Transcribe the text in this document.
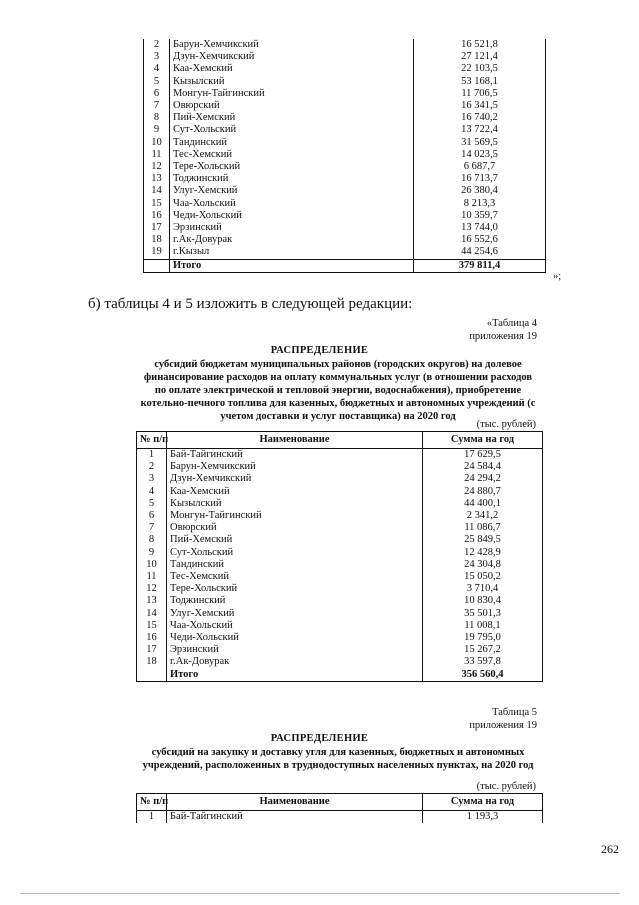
2	Барун-Хемчикский	16 521,8
3	Дзун-Хемчикский	27 121,4
4	Каа-Хемский	22 103,5
5	Кызылский	53 168,1
6	Монгун-Тайгинский	11 706,5
7	Овюрский	16 341,5
8	Пий-Хемский	16 740,2
9	Сут-Хольский	13 722,4
10	Тандинский	31 569,5
11	Тес-Хемский	14 023,5
12	Тере-Хольский	6 687,7
13	Тоджинский	16 713,7
14	Улуг-Хемский	26 380,4
15	Чаа-Хольский	8 213,3
16	Чеди-Хольский	10 359,7
17	Эрзинский	13 744,0
18	г.Ак-Довурак	16 552,6
19	г.Кызыл	44 254,6
	Итого	379 811,4
»;
б) таблицы 4 и 5 изложить в следующей редакции:
«Таблица 4
приложения 19
РАСПРЕДЕЛЕНИЕ
субсидий бюджетам муниципальных районов (городских округов) на долевое финансирование расходов на оплату коммунальных услуг (в отношении расходов по оплате электрической и тепловой энергии, водоснабжения), приобретение котельно-печного топлива для казенных, бюджетных и автономных учреждений (с учетом доставки и услуг поставщика) на 2020 год
(тыс. рублей)
№ п/п	Наименование	Сумма на год
1	Бай-Тайгинский	17 629,5
2	Барун-Хемчикский	24 584,4
3	Дзун-Хемчикский	24 294,2
4	Каа-Хемский	24 880,7
5	Кызылский	44 400,1
6	Монгун-Тайгинский	2 341,2
7	Овюрский	11 086,7
8	Пий-Хемский	25 849,5
9	Сут-Хольский	12 428,9
10	Тандинский	24 304,8
11	Тес-Хемский	15 050,2
12	Тере-Хольский	3 710,4
13	Тоджинский	10 830,4
14	Улуг-Хемский	35 501,3
15	Чаа-Хольский	11 008,1
16	Чеди-Хольский	19 795,0
17	Эрзинский	15 267,2
18	г.Ак-Довурак	33 597,8
	Итого	356 560,4
Таблица 5
приложения 19
РАСПРЕДЕЛЕНИЕ
субсидий на закупку и доставку угля для казенных, бюджетных и автономных учреждений, расположенных в труднодоступных населенных пунктах, на 2020 год
(тыс. рублей)
№ п/п	Наименование	Сумма на год
1	Бай-Тайгинский	1 193,3
262
